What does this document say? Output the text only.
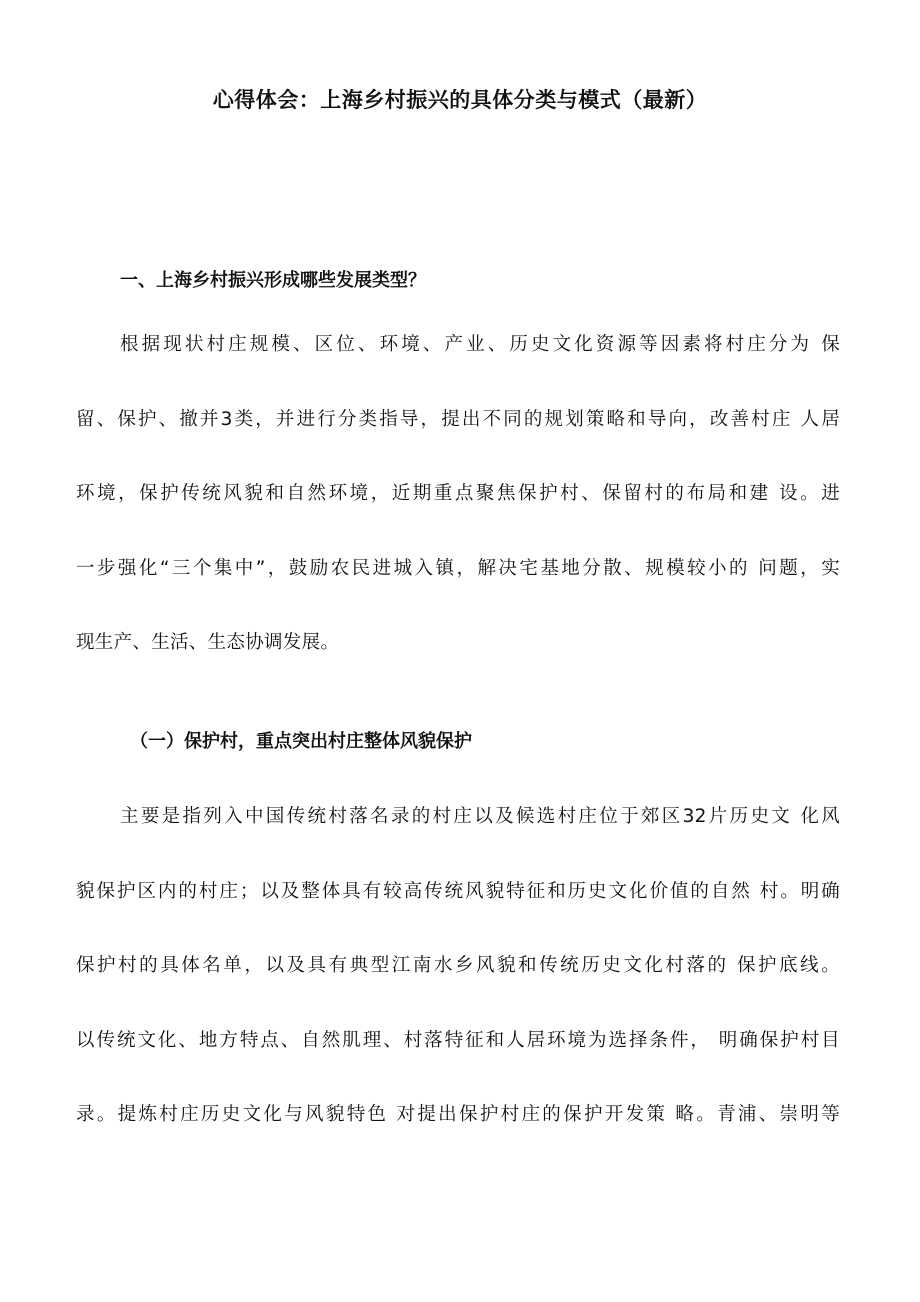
心得体会：上海乡村振兴的具体分类与模式（最新）
一、上海乡村振兴形成哪些发展类型？

根据现状村庄规模、区位、环境、产业、历史文化资源等因素将村庄分为 保
留、保护、撤并3类，并进行分类指导，提出不同的规划策略和导向，改善村庄 人居
环境，保护传统风貌和自然环境，近期重点聚焦保护村、保留村的布局和建 设。进
一步强化“三个集中”，鼓励农民进城入镇，解决宅基地分散、规模较小的 问题，实
现生产、生活、生态协调发展。

（一）保护村，重点突出村庄整体风貌保护

主要是指列入中国传统村落名录的村庄以及候选村庄位于郊区32片历史文 化风
貌保护区内的村庄；以及整体具有较高传统风貌特征和历史文化价值的自然 村。明确
保护村的具体名单，以及具有典型江南水乡风貌和传统历史文化村落的 保护底线。
以传统文化、地方特点、自然肌理、村落特征和人居环境为选择条件， 明确保护村目
录。提炼村庄历史文化与风貌特色 对提出保护村庄的保护开发策 略。青浦、崇明等
